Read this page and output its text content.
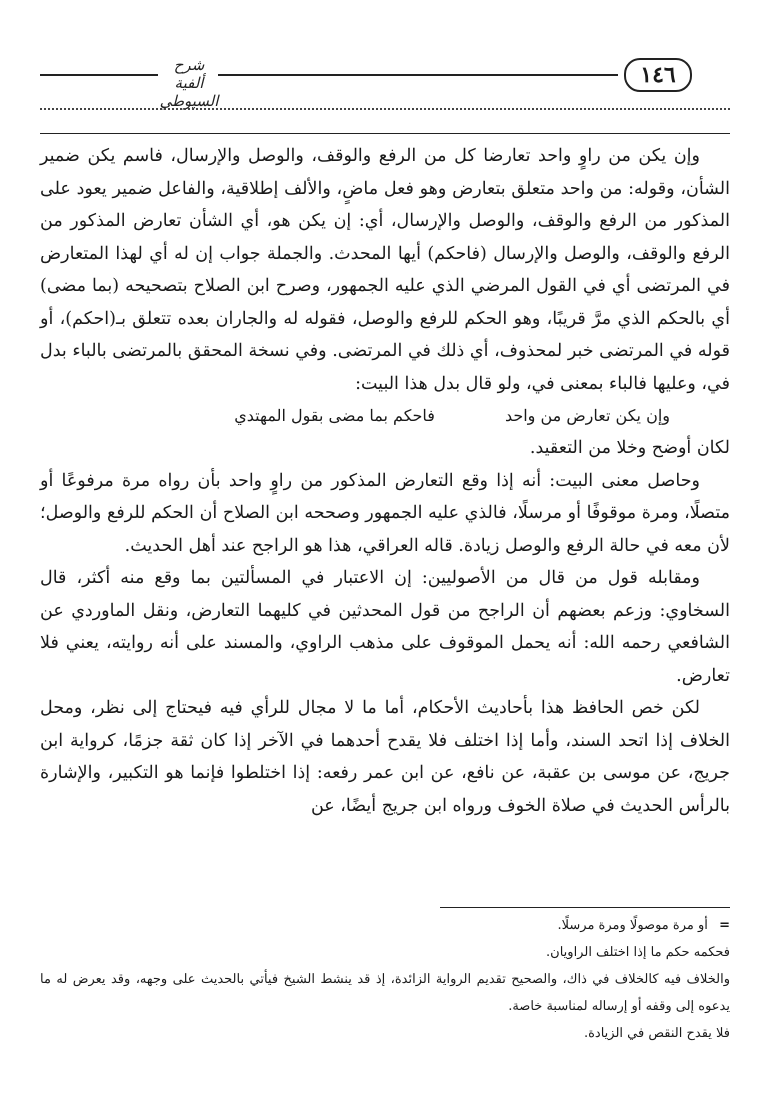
شرح ألفية السيوطي
١٤٦

وإن يكن من راوٍ واحد تعارضا كل من الرفع والوقف، والوصل والإرسال، فاسم يكن ضمير الشأن، وقوله: من واحد متعلق بتعارض وهو فعل ماضٍ، والألف إطلاقية، والفاعل ضمير يعود على المذكور من الرفع والوقف، والوصل والإرسال، أي: إن يكن هو، أي الشأن تعارض المذكور من الرفع والوقف، والوصل والإرسال (فاحكم) أيها المحدث. والجملة جواب إن له أي لهذا المتعارض في المرتضى أي في القول المرضي الذي عليه الجمهور، وصرح ابن الصلاح بتصحيحه (بما مضى) أي بالحكم الذي مرَّ قريبًا، وهو الحكم للرفع والوصل، فقوله له والجاران بعده تتعلق بـ(احكم)، أو قوله في المرتضى خبر لمحذوف، أي ذلك في المرتضى. وفي نسخة المحقق بالمرتضى بالباء بدل في، وعليها فالباء بمعنى في، ولو قال بدل هذا البيت:

وإن يكن تعارض من واحد
فاحكم بما مضى بقول المهتدي

لكان أوضح وخلا من التعقيد.

وحاصل معنى البيت: أنه إذا وقع التعارض المذكور من راوٍ واحد بأن رواه مرة مرفوعًا أو متصلًا، ومرة موقوفًا أو مرسلًا، فالذي عليه الجمهور وصححه ابن الصلاح أن الحكم للرفع والوصل؛ لأن معه في حالة الرفع والوصل زيادة. قاله العراقي، هذا هو الراجح عند أهل الحديث.

ومقابله قول من قال من الأصوليين: إن الاعتبار في المسألتين بما وقع منه أكثر، قال السخاوي: وزعم بعضهم أن الراجح من قول المحدثين في كليهما التعارض، ونقل الماوردي عن الشافعي رحمه الله: أنه يحمل الموقوف على مذهب الراوي، والمسند على أنه روايته، يعني فلا تعارض.

لكن خص الحافظ هذا بأحاديث الأحكام، أما ما لا مجال للرأي فيه فيحتاج إلى نظر، ومحل الخلاف إذا اتحد السند، وأما إذا اختلف فلا يقدح أحدهما في الآخر إذا كان ثقة جزمًا، كرواية ابن جريج، عن موسى بن عقبة، عن نافع، عن ابن عمر رفعه: إذا اختلطوا فإنما هو التكبير، والإشارة بالرأس الحديث في صلاة الخوف ورواه ابن جريج أيضًا، عن

= أو مرة موصولًا ومرة مرسلًا.

فحكمه حكم ما إذا اختلف الراويان.

والخلاف فيه كالخلاف في ذاك، والصحيح تقديم الرواية الزائدة، إذ قد ينشط الشيخ فيأتي بالحديث على وجهه، وقد يعرض له ما يدعوه إلى وقفه أو إرساله لمناسبة خاصة.

فلا يقدح النقص في الزيادة.
